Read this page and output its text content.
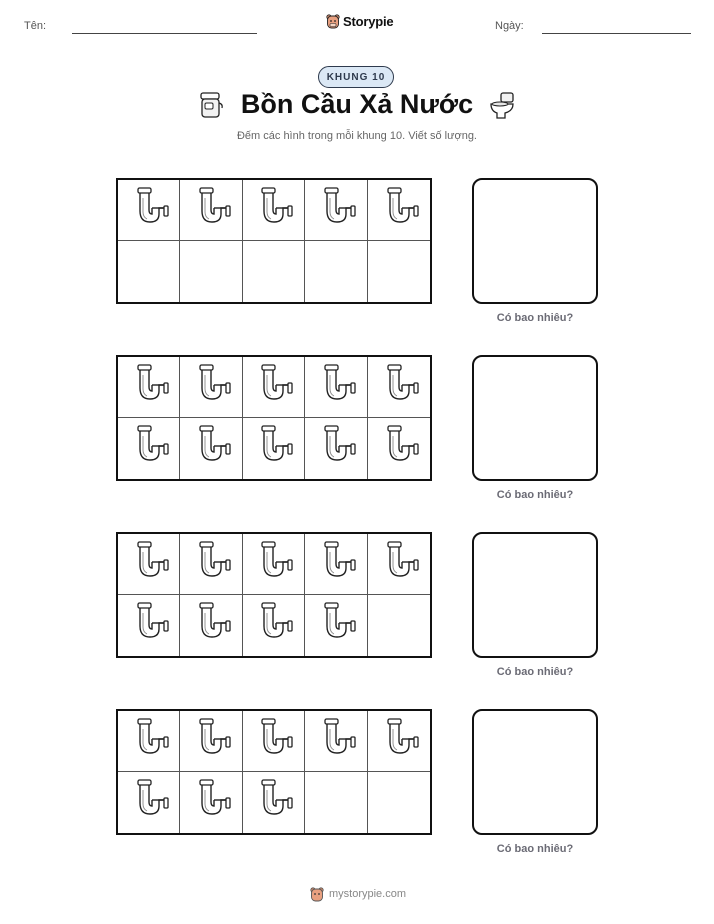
Tên:	Storypie	Ngày:
KHUNG 10
Bồn Cầu Xả Nước
Đếm các hình trong mỗi khung 10. Viết số lượng.
Có bao nhiêu?
Có bao nhiêu?
Có bao nhiêu?
Có bao nhiêu?
mystorypie.com
